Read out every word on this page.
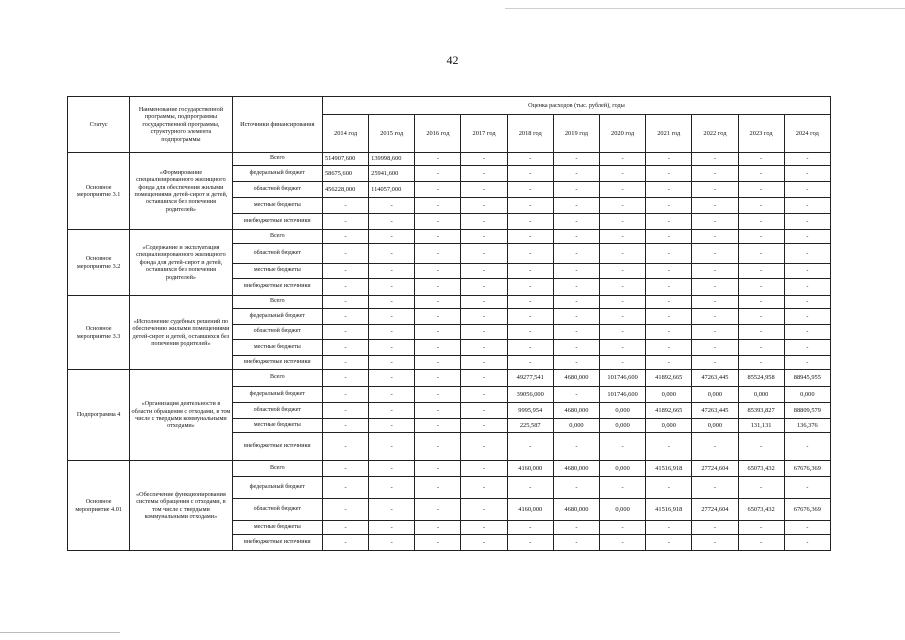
42
Статус	Наименование государственной программы, подпрограммы государственной программы, структурного элемента подпрограммы	Источники финансирования	Оценка расходов (тыс. рублей), годы										
			2014 год	2015 год	2016 год	2017 год	2018 год	2019 год	2020 год	2021 год	2022 год	2023 год	2024 год
Основное мероприятие 3.1	«Формирование специализированного жилищного фонда для обеспечения жилыми помещениями детей-сирот и детей, оставшихся без попечения родителей»	Всего	514907,600	139998,600	-	-	-	-	-	-	-	-	-
		федеральный бюджет	58675,600	25941,600	-	-	-	-	-	-	-	-	-
		областной бюджет	456228,000	114057,000	-	-	-	-	-	-	-	-	-
		местные бюджеты	-	-	-	-	-	-	-	-	-	-	-
		внебюджетные источники	-	-	-	-	-	-	-	-	-	-	-
Основное мероприятие 3.2	«Содержание и эксплуатация специализированного жилищного фонда для детей-сирот и детей, оставшихся без попечения родителей»	Всего	-	-	-	-	-	-	-	-	-	-	-
		областной бюджет	-	-	-	-	-	-	-	-	-	-	-
		местные бюджеты	-	-	-	-	-	-	-	-	-	-	-
		внебюджетные источники	-	-	-	-	-	-	-	-	-	-	-
Основное мероприятие 3.3	«Исполнение судебных решений по обеспечению жилыми помещениями детей-сирот и детей, оставшихся без попечения родителей»	Всего	-	-	-	-	-	-	-	-	-	-	-
		федеральный бюджет	-	-	-	-	-	-	-	-	-	-	-
		областной бюджет	-	-	-	-	-	-	-	-	-	-	-
		местные бюджеты	-	-	-	-	-	-	-	-	-	-	-
		внебюджетные источники	-	-	-	-	-	-	-	-	-	-	-
Подпрограмма 4	«Организация деятельности в области обращения с отходами, в том числе с твердыми коммунальными отходами»	Всего	-	-	-	-	49277,541	4680,000	101746,600	41892,665	47263,445	85524,958	88945,955
		федеральный бюджет	-	-	-	-	39056,000	-	101746,600	0,000	0,000	0,000	0,000
		областной бюджет	-	-	-	-	9995,954	4680,000	0,000	41892,665	47263,445	85393,827	88809,579
		местные бюджеты	-	-	-	-	225,587	0,000	0,000	0,000	0,000	131,131	136,376
		внебюджетные источники	-	-	-	-	-	-	-	-	-	-	-
Основное мероприятие 4.01	«Обеспечение функционирования системы обращения с отходами, в том числе с твердыми коммунальными отходами»	Всего	-	-	-	-	4160,000	4680,000	0,000	41516,918	27724,604	65073,432	67676,369
		федеральный бюджет	-	-	-	-	-	-	-	-	-	-	-
		областной бюджет	-	-	-	-	4160,000	4680,000	0,000	41516,918	27724,604	65073,432	67676,369
		местные бюджеты	-	-	-	-	-	-	-	-	-	-	-
		внебюджетные источники	-	-	-	-	-	-	-	-	-	-	-
